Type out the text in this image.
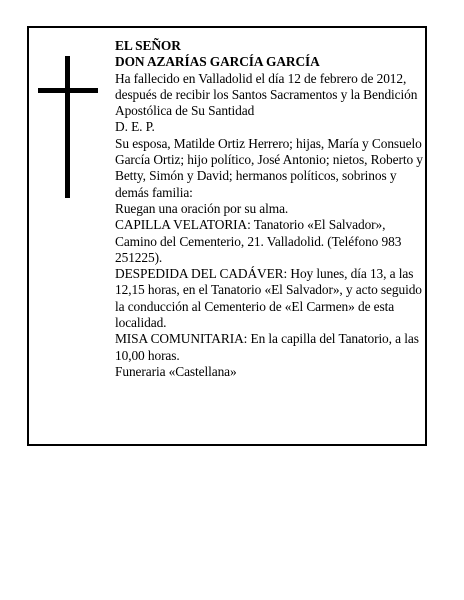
EL SEÑOR

DON AZARÍAS GARCÍA GARCÍA

Ha fallecido en Valladolid el día 12 de febrero de 2012, después de recibir los Santos Sacramentos y la Bendición Apostólica de Su Santidad

D. E. P.

Su esposa, Matilde Ortiz Herrero; hijas, María y Consuelo García Ortiz; hijo político, José Antonio; nietos, Roberto y Betty, Simón y David; hermanos políticos, sobrinos y demás familia:

Ruegan una oración por su alma.

CAPILLA VELATORIA: Tanatorio «El Salvador», Camino del Cementerio, 21. Valladolid. (Teléfono 983 251225).

DESPEDIDA DEL CADÁVER: Hoy lunes, día 13, a las 12,15 horas, en el Tanatorio «El Salvador», y acto seguido la conducción al Cementerio de «El Carmen» de esta localidad.

MISA COMUNITARIA: En la capilla del Tanatorio, a las 10,00 horas.

Funeraria «Castellana»
